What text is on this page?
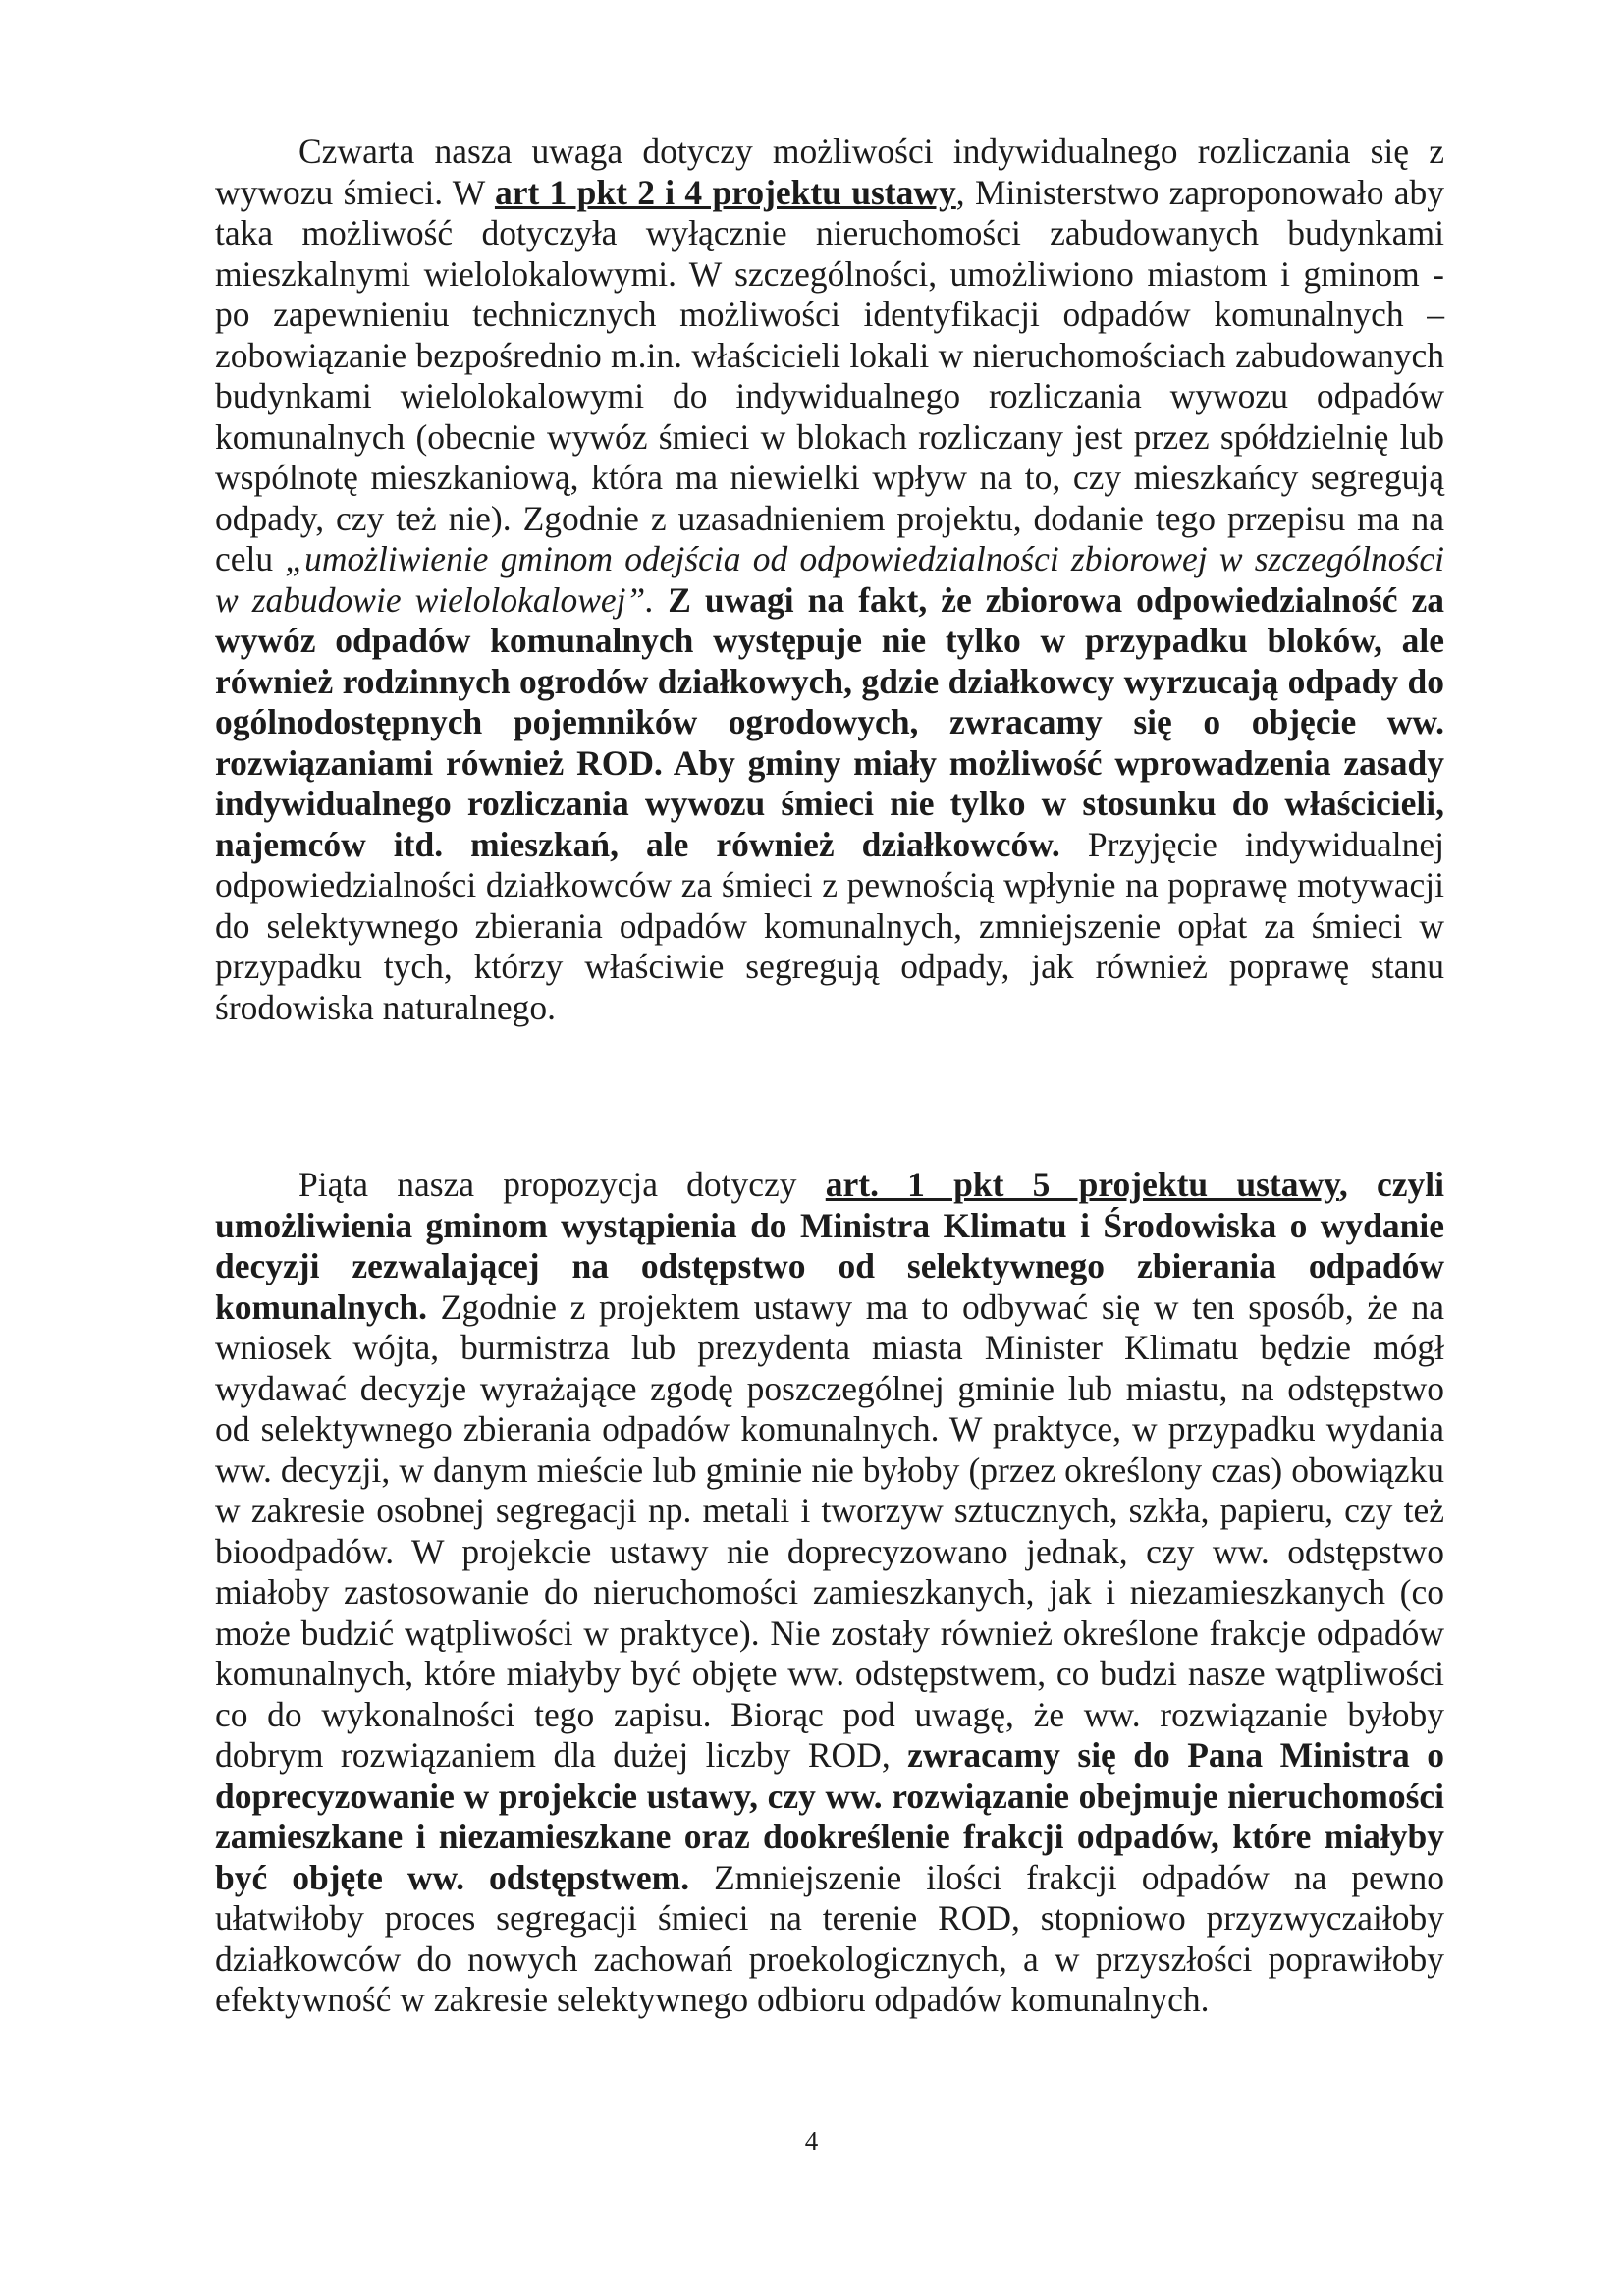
Czwarta nasza uwaga dotyczy możliwości indywidualnego rozliczania się z wywozu śmieci. W art 1 pkt 2 i 4 projektu ustawy, Ministerstwo zaproponowało aby taka możliwość dotyczyła wyłącznie nieruchomości zabudowanych budynkami mieszkalnymi wielolokalowymi. W szczególności, umożliwiono miastom i gminom - po zapewnieniu technicznych możliwości identyfikacji odpadów komunalnych – zobowiązanie bezpośrednio m.in. właścicieli lokali w nieruchomościach zabudowanych budynkami wielolokalowymi do indywidualnego rozliczania wywozu odpadów komunalnych (obecnie wywóz śmieci w blokach rozliczany jest przez spółdzielnię lub wspólnotę mieszkaniową, która ma niewielki wpływ na to, czy mieszkańcy segregują odpady, czy też nie). Zgodnie z uzasadnieniem projektu, dodanie tego przepisu ma na celu „umożliwienie gminom odejścia od odpowiedzialności zbiorowej w szczególności w zabudowie wielolokalowej”. Z uwagi na fakt, że zbiorowa odpowiedzialność za wywóz odpadów komunalnych występuje nie tylko w przypadku bloków, ale również rodzinnych ogrodów działkowych, gdzie działkowcy wyrzucają odpady do ogólnodostępnych pojemników ogrodowych, zwracamy się o objęcie ww. rozwiązaniami również ROD. Aby gminy miały możliwość wprowadzenia zasady indywidualnego rozliczania wywozu śmieci nie tylko w stosunku do właścicieli, najemców itd. mieszkań, ale również działkowców. Przyjęcie indywidualnej odpowiedzialności działkowców za śmieci z pewnością wpłynie na poprawę motywacji do selektywnego zbierania odpadów komunalnych, zmniejszenie opłat za śmieci w przypadku tych, którzy właściwie segregują odpady, jak również poprawę stanu środowiska naturalnego.

Piąta nasza propozycja dotyczy art. 1 pkt 5 projektu ustawy, czyli umożliwienia gminom wystąpienia do Ministra Klimatu i Środowiska o wydanie decyzji zezwalającej na odstępstwo od selektywnego zbierania odpadów komunalnych. Zgodnie z projektem ustawy ma to odbywać się w ten sposób, że na wniosek wójta, burmistrza lub prezydenta miasta Minister Klimatu będzie mógł wydawać decyzje wyrażające zgodę poszczególnej gminie lub miastu, na odstępstwo od selektywnego zbierania odpadów komunalnych. W praktyce, w przypadku wydania ww. decyzji, w danym mieście lub gminie nie byłoby (przez określony czas) obowiązku w zakresie osobnej segregacji np. metali i tworzyw sztucznych, szkła, papieru, czy też bioodpadów. W projekcie ustawy nie doprecyzowano jednak, czy ww. odstępstwo miałoby zastosowanie do nieruchomości zamieszkanych, jak i niezamieszkanych (co może budzić wątpliwości w praktyce). Nie zostały również określone frakcje odpadów komunalnych, które miałyby być objęte ww. odstępstwem, co budzi nasze wątpliwości co do wykonalności tego zapisu. Biorąc pod uwagę, że ww. rozwiązanie byłoby dobrym rozwiązaniem dla dużej liczby ROD, zwracamy się do Pana Ministra o doprecyzowanie w projekcie ustawy, czy ww. rozwiązanie obejmuje nieruchomości zamieszkane i niezamieszkane oraz dookreślenie frakcji odpadów, które miałyby być objęte ww. odstępstwem. Zmniejszenie ilości frakcji odpadów na pewno ułatwiłoby proces segregacji śmieci na terenie ROD, stopniowo przyzwyczaiłoby działkowców do nowych zachowań proekologicznych, a w przyszłości poprawiłoby efektywność w zakresie selektywnego odbioru odpadów komunalnych.

4
